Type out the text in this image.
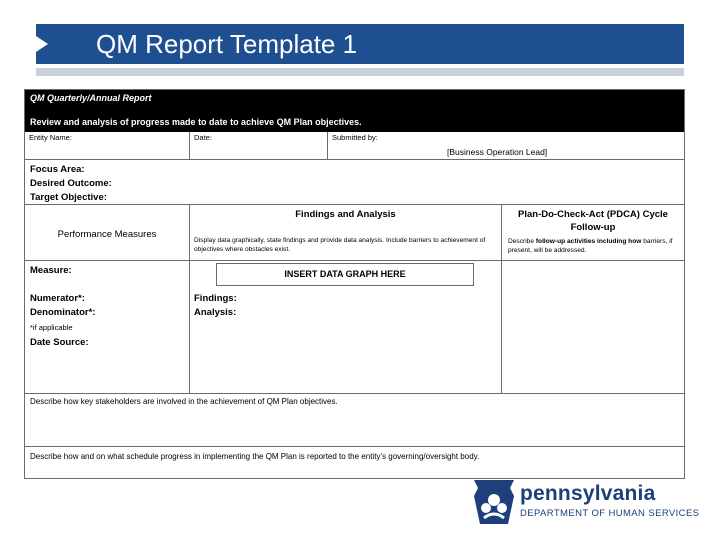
QM Report Template 1
QM Quarterly/Annual Report
Review and analysis of progress made to date to achieve QM Plan objectives.
Entity Name:	Date:	Submitted by:
[Business Operation Lead]
Focus Area:
Desired Outcome:
Target Objective:
Performance Measures
Findings and Analysis
Display data graphically, state findings and provide data analysis. Include barriers to achievement of objectives where obstacles exist.
Plan-Do-Check-Act (PDCA) Cycle Follow-up
Describe follow-up activities including how barriers, if present, will be addressed.
Measure:
Numerator*:
Denominator*:
*if applicable
Date Source:
INSERT DATA GRAPH HERE
Findings:
Analysis:
Describe how key stakeholders are involved in the achievement of QM Plan objectives.
Describe how and on what schedule progress in implementing the QM Plan is reported to the entity’s governing/oversight body.
pennsylvania
DEPARTMENT OF HUMAN SERVICES
